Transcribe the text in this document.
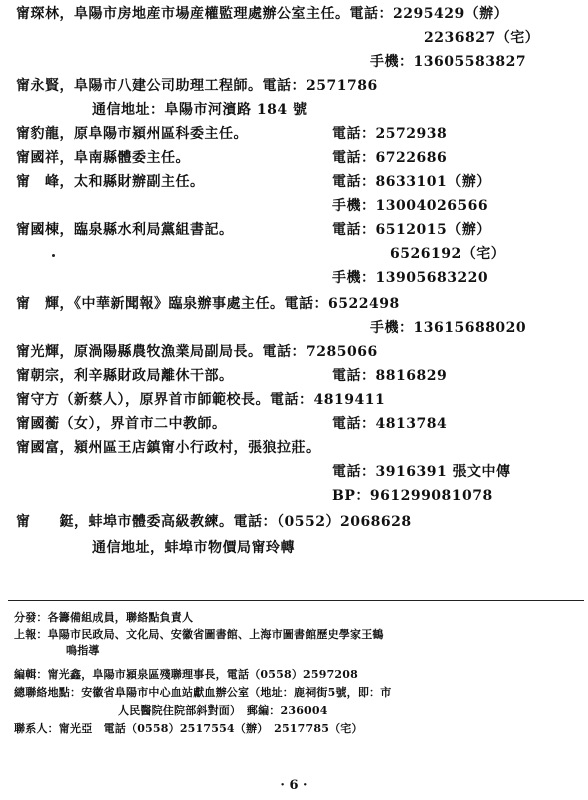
甯琛林，阜陽市房地産市場産權監理處辦公室主任。電話：2295429（辦）
2236827（宅）
手機：13605583827
甯永賢，阜陽市八建公司助理工程師。電話：2571786
通信地址：阜陽市河濱路 184 號
甯豹龍，原阜陽市潁州區科委主任。	電話：2572938
甯國祥，阜南縣體委主任。	電話：6722686
甯　峰，太和縣財辦副主任。	電話：8633101（辦）
手機：13004026566
甯國棟，臨泉縣水利局黨組書記。	電話：6512015（辦）
6526192（宅）
手機：13905683220
甯　輝，《中華新聞報》臨泉辦事處主任。電話：6522498
手機：13615688020
甯光輝，原渦陽縣農牧漁業局副局長。電話：7285066
甯朝宗，利辛縣財政局離休干部。	電話：8816829
甯守方（新蔡人），原界首市師範校長。電話：4819411
甯國蘅（女），界首市二中教師。	電話：4813784
甯國富，潁州區王店鎮甯小行政村，張狼拉莊。
電話：3916391 張文中傳
BP：961299081078
甯　　鋌，蚌埠市體委高級教練。電話：（0552）2068628
通信地址，蚌埠市物價局甯玲轉
分發：各籌備組成員，聯絡點負責人
上報：阜陽市民政局、文化局、安徽省圖書館、上海市圖書館歷史學家王鶴
鳴指導
編輯：甯光鑫，阜陽市潁泉區殘聯理事長，電話（0558）2597208
總聯絡地點：安徽省阜陽市中心血站獻血辦公室（地址：鹿祠街5號，即：市
人民醫院住院部斜對面）　郵編：236004
聯系人：甯光亞　電話（0558）2517554（辦）　2517785（宅）
· 6 ·
